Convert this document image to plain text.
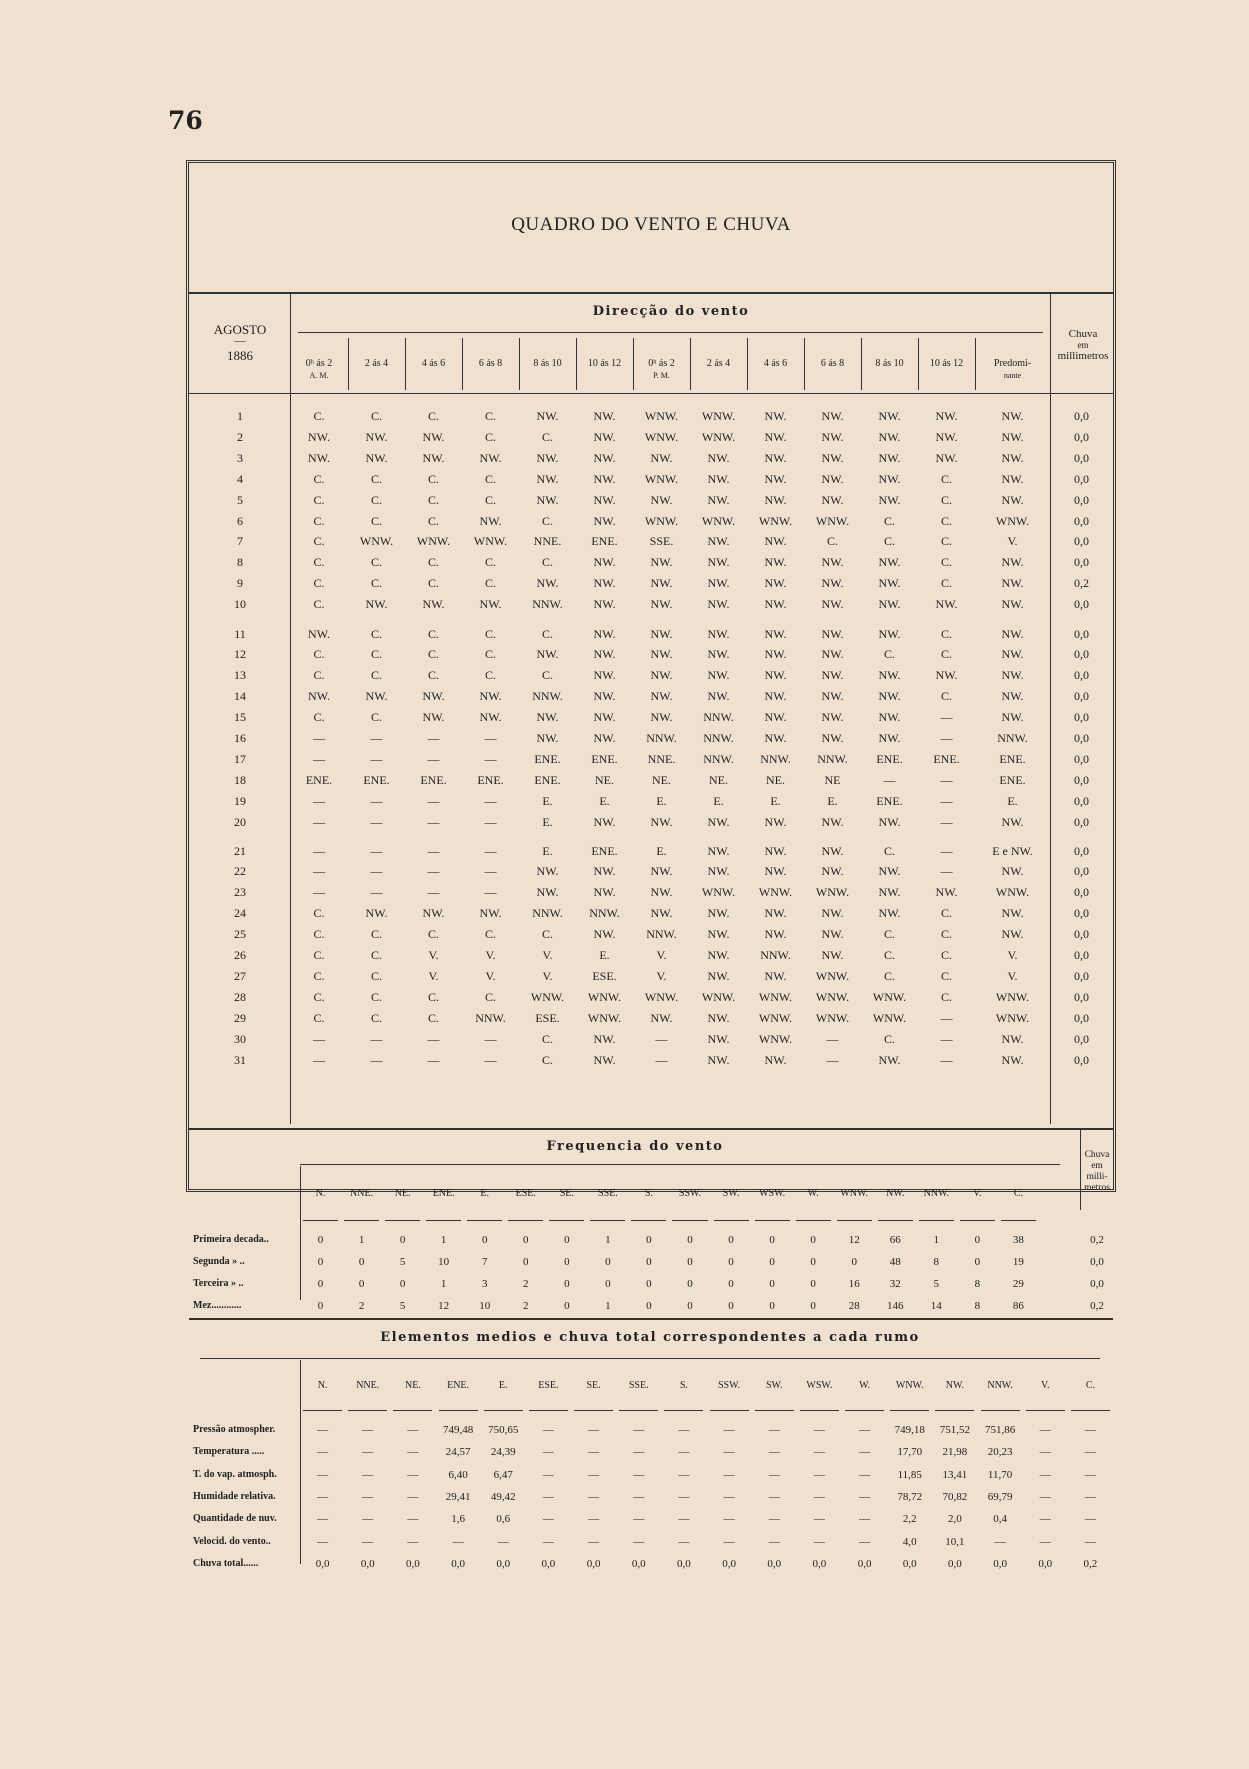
76
QUADRO DO VENTO E CHUVA
AGOSTO
—
1886
Direcção do vento
Chuva
em
millimetros
0ʰ ás 2
A. M.
2 ás 4	4 ás 6	6 ás 8	8 ás 10	10 ás 12	0ʰ ás 2
P. M.
2 ás 4	4 ás 6	6 ás 8	8 ás 10	10 ás 12	Predomi-
nante
1	C.	C.	C.	C.	NW.	NW.	WNW.	WNW.	NW.	NW.	NW.	NW.	NW.	0,0
2	NW.	NW.	NW.	C.	C.	NW.	WNW.	WNW.	NW.	NW.	NW.	NW.	NW.	0,0
3	NW.	NW.	NW.	NW.	NW.	NW.	NW.	NW.	NW.	NW.	NW.	NW.	NW.	0,0
4	C.	C.	C.	C.	NW.	NW.	WNW.	NW.	NW.	NW.	NW.	C.	NW.	0,0
5	C.	C.	C.	C.	NW.	NW.	NW.	NW.	NW.	NW.	NW.	C.	NW.	0,0
6	C.	C.	C.	NW.	C.	NW.	WNW.	WNW.	WNW.	WNW.	C.	C.	WNW.	0,0
7	C.	WNW.	WNW.	WNW.	NNE.	ENE.	SSE.	NW.	NW.	C.	C.	C.	V.	0,0
8	C.	C.	C.	C.	C.	NW.	NW.	NW.	NW.	NW.	NW.	C.	NW.	0,0
9	C.	C.	C.	C.	NW.	NW.	NW.	NW.	NW.	NW.	NW.	C.	NW.	0,2
10	C.	NW.	NW.	NW.	NNW.	NW.	NW.	NW.	NW.	NW.	NW.	NW.	NW.	0,0
11	NW.	C.	C.	C.	C.	NW.	NW.	NW.	NW.	NW.	NW.	C.	NW.	0,0
12	C.	C.	C.	C.	NW.	NW.	NW.	NW.	NW.	NW.	C.	C.	NW.	0,0
13	C.	C.	C.	C.	C.	NW.	NW.	NW.	NW.	NW.	NW.	NW.	NW.	0,0
14	NW.	NW.	NW.	NW.	NNW.	NW.	NW.	NW.	NW.	NW.	NW.	C.	NW.	0,0
15	C.	C.	NW.	NW.	NW.	NW.	NW.	NNW.	NW.	NW.	NW.	—	NW.	0,0
16	—	—	—	—	NW.	NW.	NNW.	NNW.	NW.	NW.	NW.	—	NNW.	0,0
17	—	—	—	—	ENE.	ENE.	NNE.	NNW.	NNW.	NNW.	ENE.	ENE.	ENE.	0,0
18	ENE.	ENE.	ENE.	ENE.	ENE.	NE.	NE.	NE.	NE.	NE	—	—	ENE.	0,0
19	—	—	—	—	E.	E.	E.	E.	E.	E.	ENE.	—	E.	0,0
20	—	—	—	—	E.	NW.	NW.	NW.	NW.	NW.	NW.	—	NW.	0,0
21	—	—	—	—	E.	ENE.	E.	NW.	NW.	NW.	C.	—	E e NW.	0,0
22	—	—	—	—	NW.	NW.	NW.	NW.	NW.	NW.	NW.	—	NW.	0,0
23	—	—	—	—	NW.	NW.	NW.	WNW.	WNW.	WNW.	NW.	NW.	WNW.	0,0
24	C.	NW.	NW.	NW.	NNW.	NNW.	NW.	NW.	NW.	NW.	NW.	C.	NW.	0,0
25	C.	C.	C.	C.	C.	NW.	NNW.	NW.	NW.	NW.	C.	C.	NW.	0,0
26	C.	C.	V.	V.	V.	E.	V.	NW.	NNW.	NW.	C.	C.	V.	0,0
27	C.	C.	V.	V.	V.	ESE.	V.	NW.	NW.	WNW.	C.	C.	V.	0,0
28	C.	C.	C.	C.	WNW.	WNW.	WNW.	WNW.	WNW.	WNW.	WNW.	C.	WNW.	0,0
29	C.	C.	C.	NNW.	ESE.	WNW.	NW.	NW.	WNW.	WNW.	WNW.	—	WNW.	0,0
30	—	—	—	—	C.	NW.	—	NW.	WNW.	—	C.	—	NW.	0,0
31	—	—	—	—	C.	NW.	—	NW.	NW.	—	NW.	—	NW.	0,0
Frequencia do vento
Chuva
em
milli-
metros
N.	NNE.	NE.	ENE.	E.	ESE.	SE.	SSE.	S.	SSW.	SW.	WSW.	W.	WNW.	NW.	NNW.	V.	C.
Primeira decada..	0	1	0	1	0	0	0	1	0	0	0	0	0	12	66	1	0	38	0,2
Segunda » ..	0	0	5	10	7	0	0	0	0	0	0	0	0	0	48	8	0	19	0,0
Terceira » ..	0	0	0	1	3	2	0	0	0	0	0	0	0	16	32	5	8	29	0,0
Mez............	0	2	5	12	10	2	0	1	0	0	0	0	0	28	146	14	8	86	0,2
Elementos medios e chuva total correspondentes a cada rumo
N.	NNE.	NE.	ENE.	E.	ESE.	SE.	SSE.	S.	SSW.	SW.	WSW.	W.	WNW.	NW.	NNW.	V.	C.
Pressão atmospher.	—	—	—	749,48	750,65	—	—	—	—	—	—	—	—	749,18	751,52	751,86	—	—
Temperatura .....	—	—	—	24,57	24,39	—	—	—	—	—	—	—	—	17,70	21,98	20,23	—	—
T. do vap. atmosph.	—	—	—	6,40	6,47	—	—	—	—	—	—	—	—	11,85	13,41	11,70	—	—
Humidade relativa.	—	—	—	29,41	49,42	—	—	—	—	—	—	—	—	78,72	70,82	69,79	—	—
Quantidade de nuv.	—	—	—	1,6	0,6	—	—	—	—	—	—	—	—	2,2	2,0	0,4	—	—
Velocid. do vento..	—	—	—	—	—	—	—	—	—	—	—	—	—	4,0	10,1	—	—	—
Chuva total......	0,0	0,0	0,0	0,0	0,0	0,0	0,0	0,0	0,0	0,0	0,0	0,0	0,0	0,0	0,0	0,0	0,0	0,2
